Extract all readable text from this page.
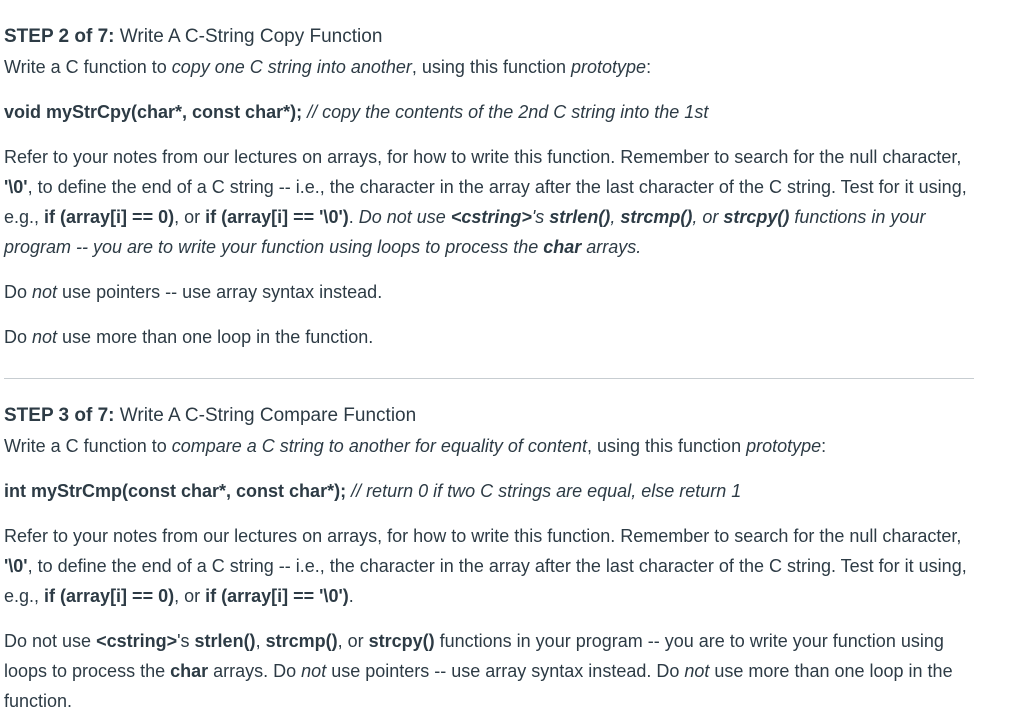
STEP 2 of 7: Write A C-String Copy Function

Write a C function to copy one C string into another, using this function prototype:

void myStrCpy(char*, const char*); // copy the contents of the 2nd C string into the 1st

Refer to your notes from our lectures on arrays, for how to write this function. Remember to search for the null character, '\0', to define the end of a C string -- i.e., the character in the array after the last character of the C string. Test for it using, e.g., if (array[i] == 0), or if (array[i] == '\0'). Do not use <cstring>'s strlen(), strcmp(), or strcpy() functions in your program -- you are to write your function using loops to process the char arrays.

Do not use pointers -- use array syntax instead.

Do not use more than one loop in the function.

STEP 3 of 7: Write A C-String Compare Function

Write a C function to compare a C string to another for equality of content, using this function prototype:

int myStrCmp(const char*, const char*); // return 0 if two C strings are equal, else return 1

Refer to your notes from our lectures on arrays, for how to write this function. Remember to search for the null character, '\0', to define the end of a C string -- i.e., the character in the array after the last character of the C string. Test for it using, e.g., if (array[i] == 0), or if (array[i] == '\0').

Do not use <cstring>'s strlen(), strcmp(), or strcpy() functions in your program -- you are to write your function using loops to process the char arrays. Do not use pointers -- use array syntax instead. Do not use more than one loop in the function.
